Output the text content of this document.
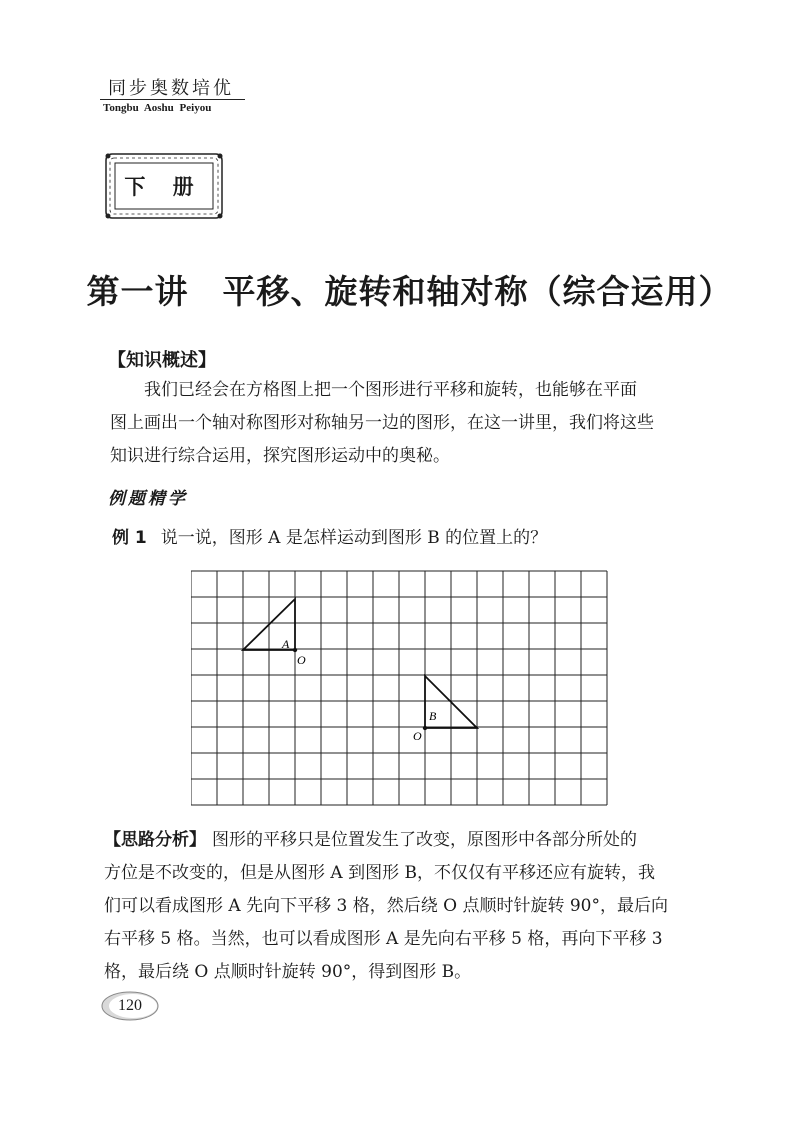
同步奥数培优
Tongbu Aoshu Peiyou
下 册
第一讲　平移、旋转和轴对称（综合运用）
【知识概述】
我们已经会在方格图上把一个图形进行平移和旋转，也能够在平面
图上画出一个轴对称图形对称轴另一边的图形，在这一讲里，我们将这些
知识进行综合运用，探究图形运动中的奥秘。
例题精学
例 1 说一说，图形 A 是怎样运动到图形 B 的位置上的？
A
O
B
O
【思路分析】 图形的平移只是位置发生了改变，原图形中各部分所处的
方位是不改变的，但是从图形 A 到图形 B，不仅仅有平移还应有旋转，我
们可以看成图形 A 先向下平移 3 格，然后绕 O 点顺时针旋转 90°，最后向
右平移 5 格。当然，也可以看成图形 A 是先向右平移 5 格，再向下平移 3
格，最后绕 O 点顺时针旋转 90°，得到图形 B。
120
